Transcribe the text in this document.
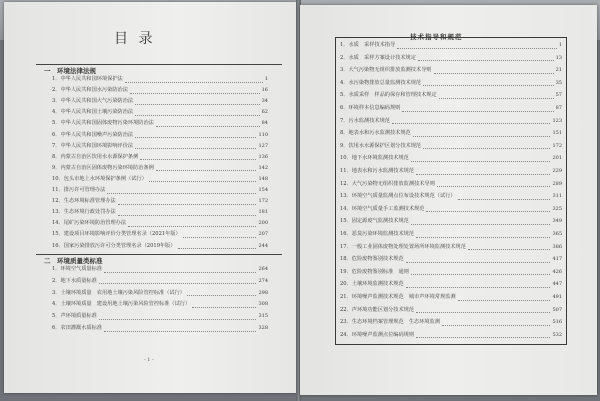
目 录
一　环境法律法规
二　环境质量类标准
- 1 -
1．中华人民共和国环境保护法	1
2．中华人民共和国水污染防治法	16
3．中华人民共和国大气污染防治法	34
4．中华人民共和国土壤污染防治法	62
5．中华人民共和国固体废物污染环境防治法	84
6．中华人民共和国噪声污染防治法	110
7．中华人民共和国环境影响评价法	127
8．内蒙古自治区饮用水水源保护条例	136
9．内蒙古自治区固体废物污染环境防治条例	142
10．包头市地上水环境保护条例（试行）	148
11．排污许可管理办法	154
12．生态环境标准管理办法	172
13．生态环境行政处罚办法	181
14．尾矿污染环境防治管理办法	200
15．建设项目环境影响评价分类管理名录（2021年版）	207
16．国家污染排放污许可分类管理名录（2019年版）	244
1．环境空气质量标准	264
2．地下水质量标准	274
3．土壤环境质量　农用地土壤污染风险管控标准（试行）	298
4．土壤环境质量　建设用地土壤污染风险管控标准（试行）	308
5．声环境质量标准	315
6．农田灌溉水质标准	328
技术指导和规范
1．水质　采样技术指导	1
2．水质　采样方案设计技术规定	13
3．大气污染物无组织排放监测技术导则	21
4．水污染物排放总量监测技术规范	35
5．水质采样　样品的保存和管理技术规定	57
6．环境样本信息编码规则	87
7．污水监测技术规范	123
8．地表水和污水监测技术规范	151
9．饮用水水源保护区划分技术规范	172
10．地下水环境监测技术规范	201
11．地表水和污水监测技术规范	229
12．大气污染物无组织排放监测技术导则	289
13．环境空气质量监测点位布设技术规范（试行）	311
14．环境空气质量手工监测技术规范	325
15．固定源废气监测技术规范	349
16．恶臭污染环境监测技术规范	365
17．一般工业固体废物处理处置场所环境监测技术规范	386
18．危险废物鉴别技术规范	417
19．危险废物鉴别标准　通则	426
20．土壤环境监测技术规范	447
21．环境噪声监测技术规范　城市声环境常规监测	491
22．声环境功能区划分技术规范	507
23．生态环境档案管理规范　生态环境监测	516
24．环境噪声监测点位编码规则	532
